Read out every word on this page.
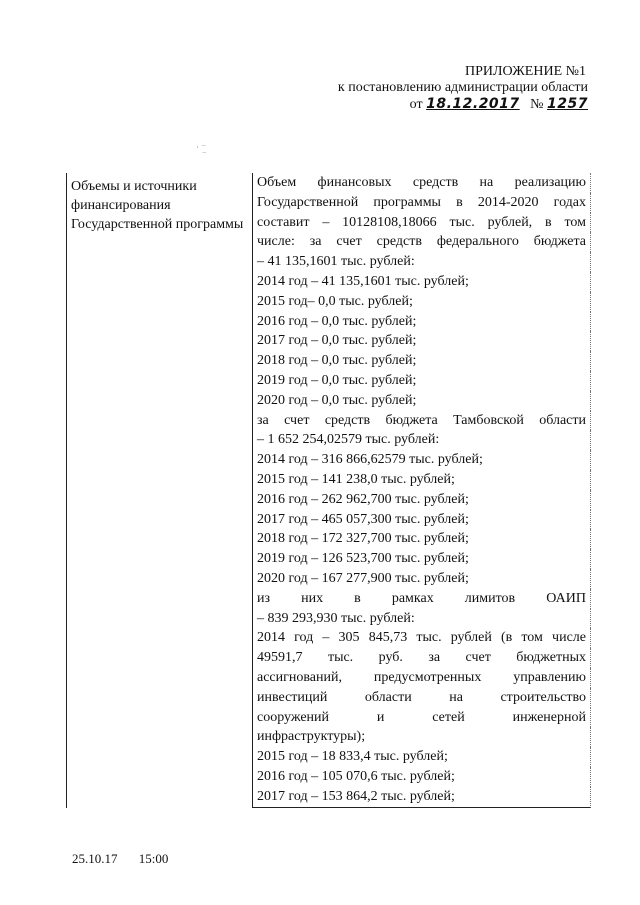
ПРИЛОЖЕНИЕ №1
к постановлению администрации области
от 18.12.2017 № 1257
· ⁻
‾
Объемы и источники финансирования Государственной программы
Объем финансовых средств на реализацию
Государственной программы в 2014-2020 годах
составит – 10128108,18066 тыс. рублей, в том
числе: за счет средств федерального бюджета
– 41 135,1601 тыс. рублей:
2014 год – 41 135,1601 тыс. рублей;
2015 год– 0,0 тыс. рублей;
2016 год – 0,0 тыс. рублей;
2017 год – 0,0 тыс. рублей;
2018 год – 0,0 тыс. рублей;
2019 год – 0,0 тыс. рублей;
2020 год – 0,0 тыс. рублей;
за счет средств бюджета Тамбовской области
– 1 652 254,02579 тыс. рублей:
2014 год – 316 866,62579 тыс. рублей;
2015 год – 141 238,0 тыс. рублей;
2016 год – 262 962,700 тыс. рублей;
2017 год – 465 057,300 тыс. рублей;
2018 год – 172 327,700 тыс. рублей;
2019 год – 126 523,700 тыс. рублей;
2020 год – 167 277,900 тыс. рублей;
из них в рамках лимитов ОАИП
– 839 293,930 тыс. рублей:
2014 год – 305 845,73 тыс. рублей (в том числе
49591,7 тыс. руб. за счет бюджетных
ассигнований, предусмотренных управлению
инвестиций области на строительство
сооружений и сетей инженерной
инфраструктуры);
2015 год – 18 833,4 тыс. рублей;
2016 год – 105 070,6 тыс. рублей;
2017 год – 153 864,2 тыс. рублей;
25.10.17 15:00
